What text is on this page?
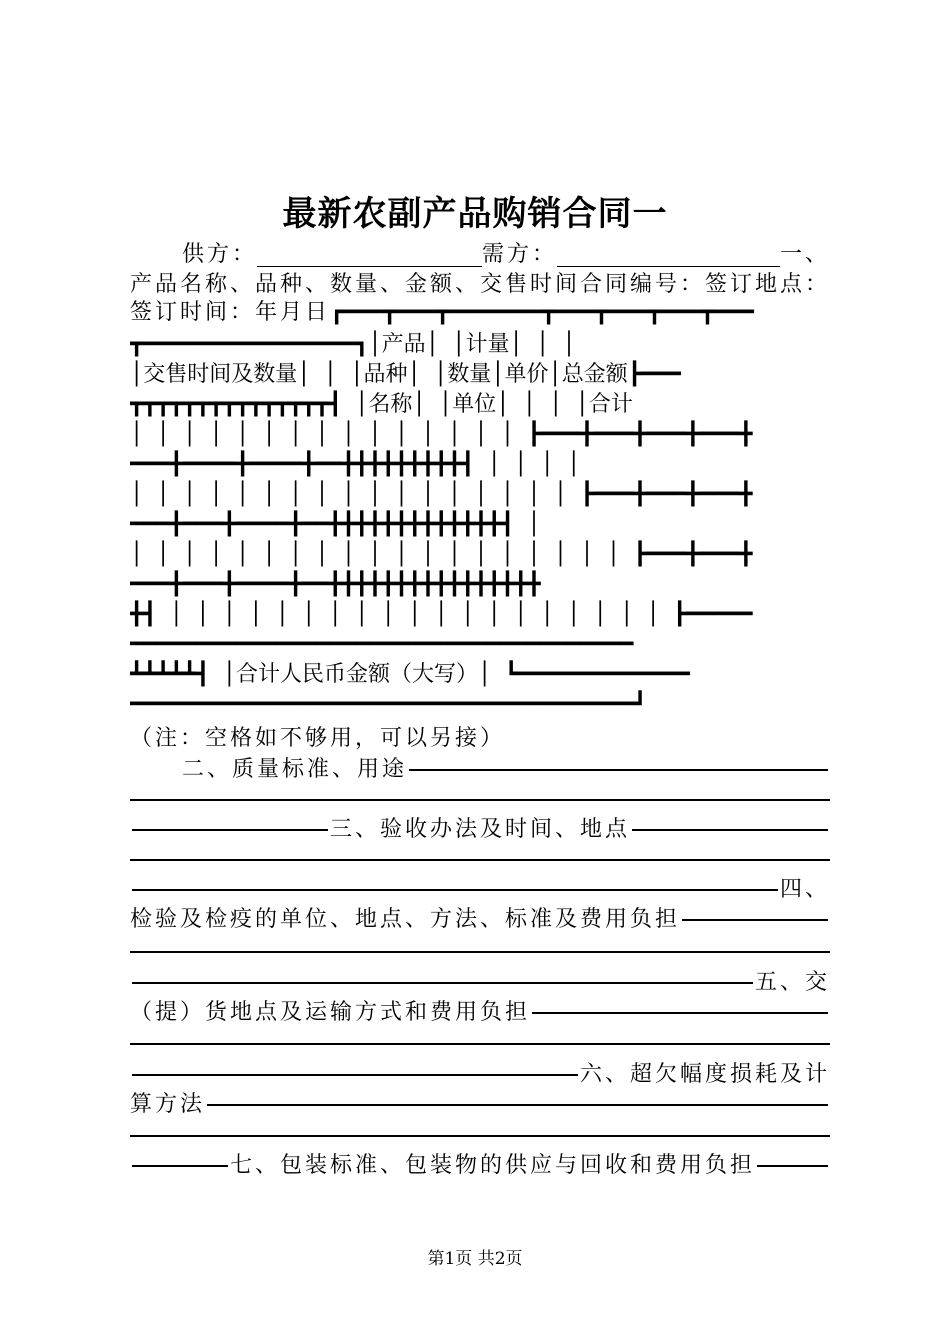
最新农副产品购销合同一
供方：	需方：	一、
产品名称、品种、数量、金额、交售时间合同编号：签订地点：
签订时间：年月日 ┏━━━┳━━━┳━━━━━━━┳━━━┳━━━┳━━━┳━━━
┳━━━━━━━━━━━━━━━━┓│产品│ │计量│ │ │
│交售时间及数量│ │ │品种│ │数量│单价│总金额┣━━━
┳┳┳┳┳┳┳┳┳┳┳┳┳┳┳┫ │名称│ │单位│ │ │ │合计
│ │ │ │ │ │ │ │ │ │ │ │ │ │ │ ┣━━━╋━━━╋━━━╋━━━╋
━━━╋━━━━╋━━━━╋━━╋╋╋╋╋╋╋╋╋┫ │ │ │ │
│ │ │ │ │ │ │ │ │ │ │ │ │ │ │ │ │ ┣━━━╋━━━╋━━━╋
━━━╋━━━╋━━━━╋━━╋╋╋╋╋╋╋╋╋╋╋╋╋┫ │
│ │ │ │ │ │ │ │ │ │ │ │ │ │ │ │ │ │ │ ┣━━━╋━━━╋
━━━╋━━━╋━━━━╋━━╋╋╋╋╋╋╋╋╋╋╋╋╋╋╋╋
╋┫ │ │ │ │ │ │ │ │ │ │ │ │ │ │ │ │ │ │ │ ┣━━━━━
━━━━━━━━━━━━━━━━━━━━━━━━━━━━━━━━━━━━━━
┻┻┻┻┻┫ │合计人民币金额（大写）│ ┗━━━━━━━━━━━━━
━━━━━━━━━━━━━━━━━━━━━━━━━━━━━━━━━━━━━━┛
（注：空格如不够用，可以另接）
二、质量标准、用途
三、验收办法及时间、地点
四、
检验及检疫的单位、地点、方法、标准及费用负担
五、交
（提）货地点及运输方式和费用负担
六、超欠幅度损耗及计
算方法
七、包装标准、包装物的供应与回收和费用负担
第1页 共2页
